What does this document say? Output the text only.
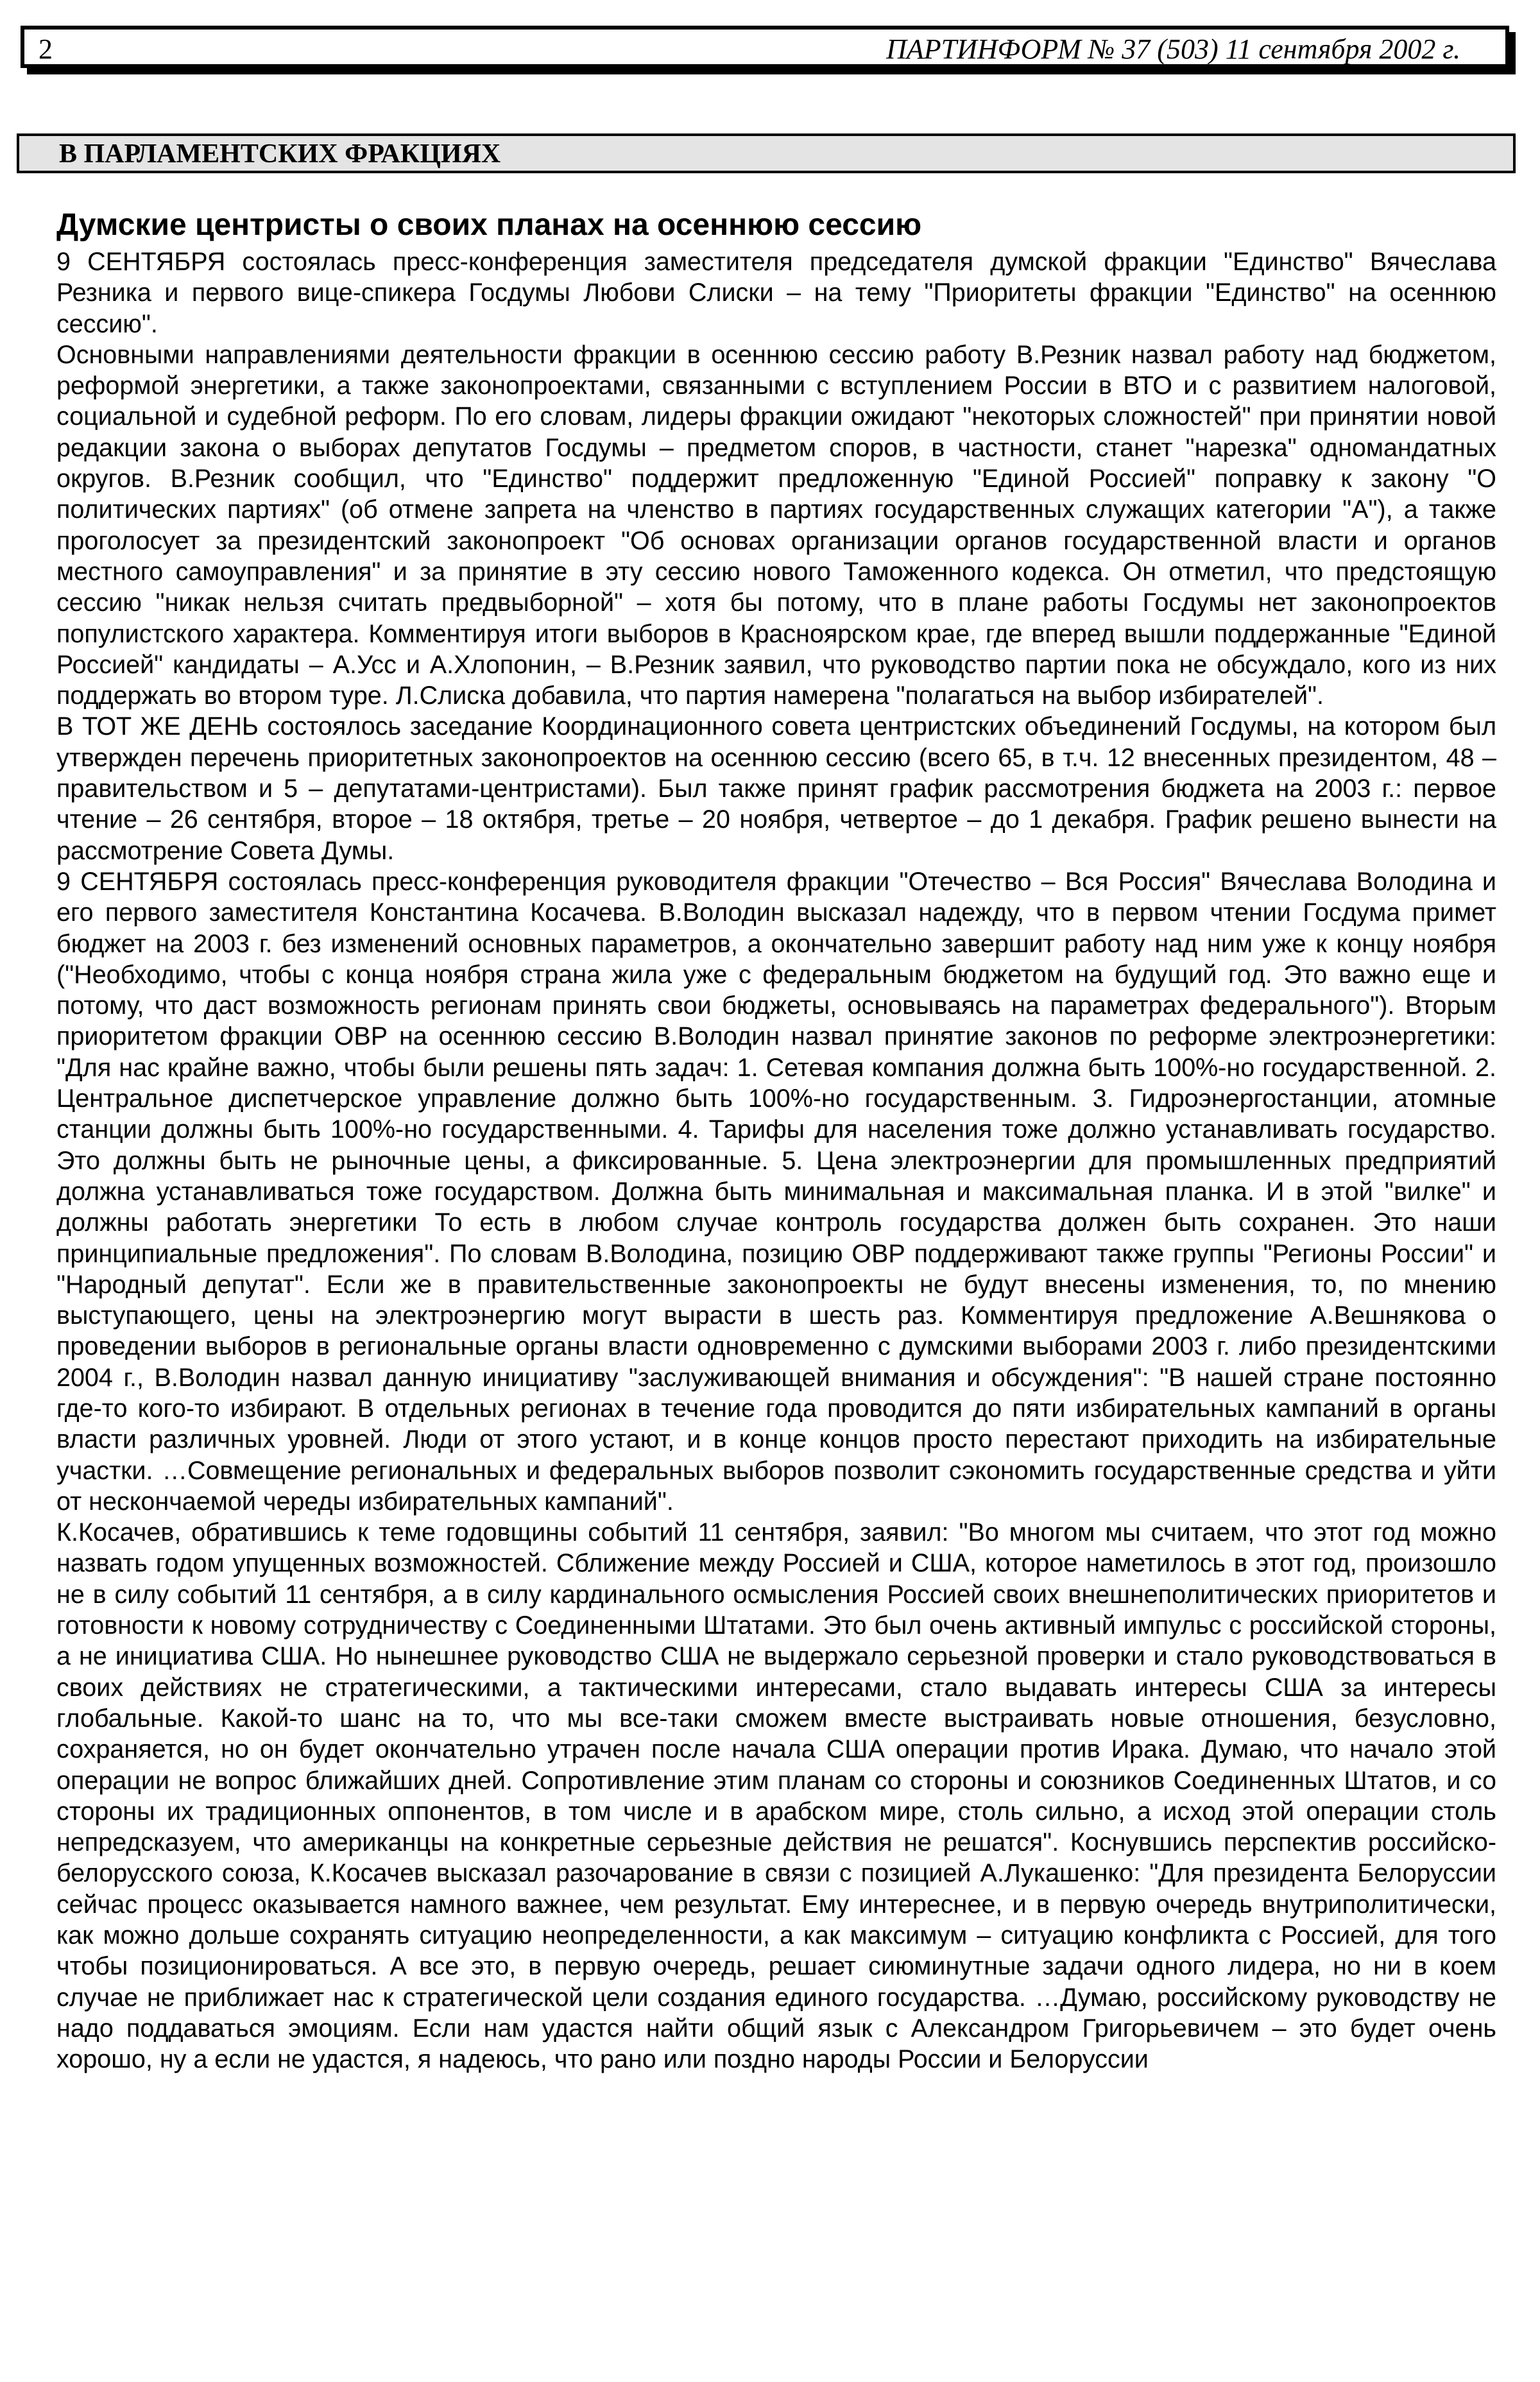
2	ПАРТИНФОРМ № 37 (503) 11 сентября 2002 г.
В ПАРЛАМЕНТСКИХ ФРАКЦИЯХ
Думские центристы о своих планах на осеннюю сессию

9 СЕНТЯБРЯ состоялась пресс-конференция заместителя председателя думской фракции "Единство" Вячеслава Резника и первого вице-спикера Госдумы Любови Слиски – на тему "Приоритеты фракции "Единство" на осеннюю сессию".

Основными направлениями деятельности фракции в осеннюю сессию работу В.Резник назвал работу над бюджетом, реформой энергетики, а также законопроектами, связанными с вступлением России в ВТО и с развитием налоговой, социальной и судебной реформ. По его словам, лидеры фракции ожидают "некоторых сложностей" при принятии новой редакции закона о выборах депутатов Госдумы – предметом споров, в частности, станет "нарезка" одномандатных округов. В.Резник сообщил, что "Единство" поддержит предложенную "Единой Россией" поправку к закону "О политических партиях" (об отмене запрета на членство в партиях государственных служащих категории "А"), а также проголосует за президентский законопроект "Об основах организации органов государственной власти и органов местного самоуправления" и за принятие в эту сессию нового Таможенного кодекса. Он отметил, что предстоящую сессию "никак нельзя считать предвыборной" – хотя бы потому, что в плане работы Госдумы нет законопроектов популистского характера. Комментируя итоги выборов в Красноярском крае, где вперед вышли поддержанные "Единой Россией" кандидаты – А.Усс и А.Хлопонин, – В.Резник заявил, что руководство партии пока не обсуждало, кого из них поддержать во втором туре. Л.Слиска добавила, что партия намерена "полагаться на выбор избирателей".

В ТОТ ЖЕ ДЕНЬ состоялось заседание Координационного совета центристских объединений Госдумы, на котором был утвержден перечень приоритетных законопроектов на осеннюю сессию (всего 65, в т.ч. 12 внесенных президентом, 48 – правительством и 5 – депутатами-центристами). Был также принят график рассмотрения бюджета на 2003 г.: первое чтение – 26 сентября, второе – 18 октября, третье – 20 ноября, четвертое – до 1 декабря. График решено вынести на рассмотрение Совета Думы.

9 СЕНТЯБРЯ состоялась пресс-конференция руководителя фракции "Отечество – Вся Россия" Вячеслава Володина и его первого заместителя Константина Косачева. В.Володин высказал надежду, что в первом чтении Госдума примет бюджет на 2003 г. без изменений основных параметров, а окончательно завершит работу над ним уже к концу ноября ("Необходимо, чтобы с конца ноября страна жила уже с федеральным бюджетом на будущий год. Это важно еще и потому, что даст возможность регионам принять свои бюджеты, основываясь на параметрах федерального"). Вторым приоритетом фракции ОВР на осеннюю сессию В.Володин назвал принятие законов по реформе электроэнергетики: "Для нас крайне важно, чтобы были решены пять задач: 1. Сетевая компания должна быть 100%-но государственной. 2. Центральное диспетчерское управление должно быть 100%-но государственным. 3. Гидроэнергостанции, атомные станции должны быть 100%-но государственными. 4. Тарифы для населения тоже должно устанавливать государство. Это должны быть не рыночные цены, а фиксированные. 5. Цена электроэнергии для промышленных предприятий должна устанавливаться тоже государством. Должна быть минимальная и максимальная планка. И в этой "вилке" и должны работать энергетики То есть в любом случае контроль государства должен быть сохранен. Это наши принципиальные предложения". По словам В.Володина, позицию ОВР поддерживают также группы "Регионы России" и "Народный депутат". Если же в правительственные законопроекты не будут внесены изменения, то, по мнению выступающего, цены на электроэнергию могут вырасти в шесть раз. Комментируя предложение А.Вешнякова о проведении выборов в региональные органы власти одновременно с думскими выборами 2003 г. либо президентскими 2004 г., В.Володин назвал данную инициативу "заслуживающей внимания и обсуждения": "В нашей стране постоянно где-то кого-то избирают. В отдельных регионах в течение года проводится до пяти избирательных кампаний в органы власти различных уровней. Люди от этого устают, и в конце концов просто перестают приходить на избирательные участки. …Совмещение региональных и федеральных выборов позволит сэкономить государственные средства и уйти от нескончаемой череды избирательных кампаний".

К.Косачев, обратившись к теме годовщины событий 11 сентября, заявил: "Во многом мы считаем, что этот год можно назвать годом упущенных возможностей. Сближение между Россией и США, которое наметилось в этот год, произошло не в силу событий 11 сентября, а в силу кардинального осмысления Россией своих внешнеполитических приоритетов и готовности к новому сотрудничеству с Соединенными Штатами. Это был очень активный импульс с российской стороны, а не инициатива США. Но нынешнее руководство США не выдержало серьезной проверки и стало руководствоваться в своих действиях не стратегическими, а тактическими интересами, стало выдавать интересы США за интересы глобальные. Какой-то шанс на то, что мы все-таки сможем вместе выстраивать новые отношения, безусловно, сохраняется, но он будет окончательно утрачен после начала США операции против Ирака. Думаю, что начало этой операции не вопрос ближайших дней. Сопротивление этим планам со стороны и союзников Соединенных Штатов, и со стороны их традиционных оппонентов, в том числе и в арабском мире, столь сильно, а исход этой операции столь непредсказуем, что американцы на конкретные серьезные действия не решатся". Коснувшись перспектив российско-белорусского союза, К.Косачев высказал разочарование в связи с позицией А.Лукашенко: "Для президента Белоруссии сейчас процесс оказывается намного важнее, чем результат. Ему интереснее, и в первую очередь внутриполитически, как можно дольше сохранять ситуацию неопределенности, а как максимум – ситуацию конфликта с Россией, для того чтобы позиционироваться. А все это, в первую очередь, решает сиюминутные задачи одного лидера, но ни в коем случае не приближает нас к стратегической цели создания единого государства. …Думаю, российскому руководству не надо поддаваться эмоциям. Если нам удастся найти общий язык с Александром Григорьевичем – это будет очень хорошо, ну а если не удастся, я надеюсь, что рано или поздно народы России и Белоруссии
